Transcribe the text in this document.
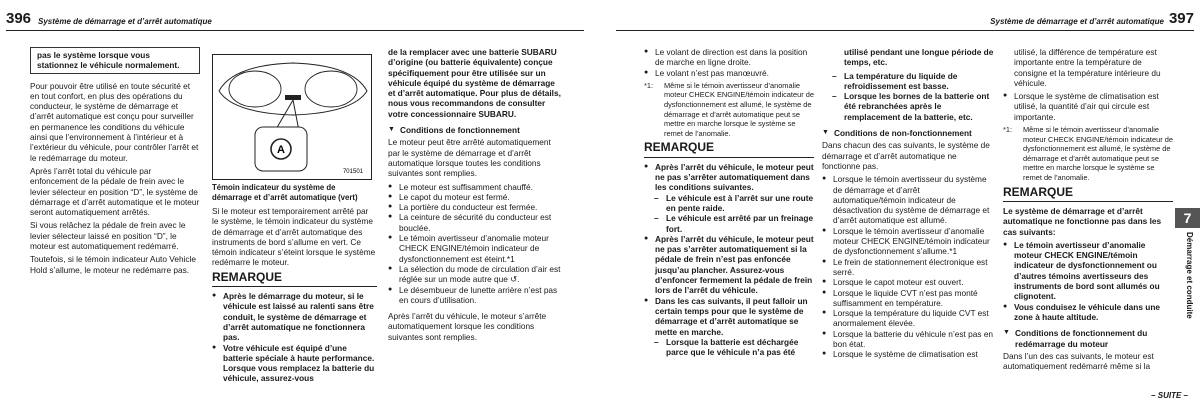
396 Système de démarrage et d’arrêt automatique
pas le système lorsque vous stationnez le véhicule normalement.

Pour pouvoir être utilisé en toute sécurité et en tout confort, en plus des opérations du conducteur, le système de démarrage et d’arrêt automatique est conçu pour surveiller en permanence les conditions du véhicule ainsi que l’environnement à l’intérieur et à l’extérieur du véhicule, pour contrôler l’arrêt et le redémarrage du moteur.

Après l’arrêt total du véhicule par enfoncement de la pédale de frein avec le levier sélecteur en position “D”, le système de démarrage et d’arrêt automatique et le moteur seront automatiquement arrêtés.

Si vous relâchez la pédale de frein avec le levier sélecteur laissé en position “D”, le moteur est automatiquement redémarré.

Toutefois, si le témoin indicateur Auto Vehicle Hold s’allume, le moteur ne redémarre pas.

A
701501
Témoin indicateur du système de démarrage et d’arrêt automatique (vert)

Si le moteur est temporairement arrêté par le système, le témoin indicateur du système de démarrage et d’arrêt automatique des instruments de bord s’allume en vert. Ce témoin indicateur s’éteint lorsque le système redémarre le moteur.

REMARQUE
● Après le démarrage du moteur, si le véhicule est laissé au ralenti sans être conduit, le système de démarrage et d’arrêt automatique ne fonctionnera pas.
● Votre véhicule est équipé d’une batterie spéciale à haute performance. Lorsque vous remplacez la batterie du véhicule, assurez-vous

de la remplacer avec une batterie SUBARU d’origine (ou batterie équivalente) conçue spécifiquement pour être utilisée sur un véhicule équipé du système de démarrage et d’arrêt automatique. Pour plus de détails, nous vous recommandons de consulter votre concessionnaire SUBARU.

▼ Conditions de fonctionnement

Le moteur peut être arrêté automatiquement par le système de démarrage et d’arrêt automatique lorsque toutes les conditions suivantes sont remplies.

● Le moteur est suffisamment chauffé.
● Le capot du moteur est fermé.
● La portière du conducteur est fermée.
● La ceinture de sécurité du conducteur est bouclée.
● Le témoin avertisseur d’anomalie moteur CHECK ENGINE/témoin indicateur de dysfonctionnement est éteint.*1
● La sélection du mode de circulation d’air est réglée sur un mode autre que ↺.
● Le désembueur de lunette arrière n’est pas en cours d’utilisation.

Après l’arrêt du véhicule, le moteur s’arrête automatiquement lorsque les conditions suivantes sont remplies.

Système de démarrage et d’arrêt automatique 397
● Le volant de direction est dans la position de marche en ligne droite.
● Le volant n’est pas manœuvré.
*1: Même si le témoin avertisseur d’anomalie moteur CHECK ENGINE/témoin indicateur de dysfonctionnement est allumé, le système de démarrage et d’arrêt automatique peut se mettre en marche lorsque le système se remet de l’anomalie.
REMARQUE
● Après l’arrêt du véhicule, le moteur peut ne pas s’arrêter automatiquement dans les conditions suivantes.
– Le véhicule est à l’arrêt sur une route en pente raide.
– Le véhicule est arrêté par un freinage fort.
● Après l’arrêt du véhicule, le moteur peut ne pas s’arrêter automatiquement si la pédale de frein n’est pas enfoncée jusqu’au plancher. Assurez-vous d’enfoncer fermement la pédale de frein lors de l’arrêt du véhicule.
● Dans les cas suivants, il peut falloir un certain temps pour que le système de démarrage et d’arrêt automatique se mette en marche.
– Lorsque la batterie est déchargée parce que le véhicule n’a pas été

utilisé pendant une longue période de temps, etc.

– La température du liquide de refroidissement est basse.
– Lorsque les bornes de la batterie ont été rebranchées après le remplacement de la batterie, etc.
▼ Conditions de non-fonctionnement

Dans chacun des cas suivants, le système de démarrage et d’arrêt automatique ne fonctionne pas.

● Lorsque le témoin avertisseur du système de démarrage et d’arrêt automatique/témoin indicateur de désactivation du système de démarrage et d’arrêt automatique est allumé.
● Lorsque le témoin avertisseur d’anomalie moteur CHECK ENGINE/témoin indicateur de dysfonctionnement s’allume.*1
● Le frein de stationnement électronique est serré.
● Lorsque le capot moteur est ouvert.
● Lorsque le liquide CVT n’est pas monté suffisamment en température.
● Lorsque la température du liquide CVT est anormalement élevée.
● Lorsque la batterie du véhicule n’est pas en bon état.
● Lorsque le système de climatisation est

utilisé, la différence de température est importante entre la température de consigne et la température intérieure du véhicule.

● Lorsque le système de climatisation est utilisé, la quantité d’air qui circule est importante.
*1: Même si le témoin avertisseur d’anomalie moteur CHECK ENGINE/témoin indicateur de dysfonctionnement est allumé, le système de démarrage et d’arrêt automatique peut se mettre en marche lorsque le système se remet de l’anomalie.
REMARQUE

Le système de démarrage et d’arrêt automatique ne fonctionne pas dans les cas suivants:

● Le témoin avertisseur d’anomalie moteur CHECK ENGINE/témoin indicateur de dysfonctionnement ou d’autres témoins avertisseurs des instruments de bord sont allumés ou clignotent.
● Vous conduisez le véhicule dans une zone à haute altitude.
▼ Conditions de fonctionnement du redémarrage du moteur

Dans l’un des cas suivants, le moteur est automatiquement redémarré même si la

7
Démarrage et conduite
– SUITE –
